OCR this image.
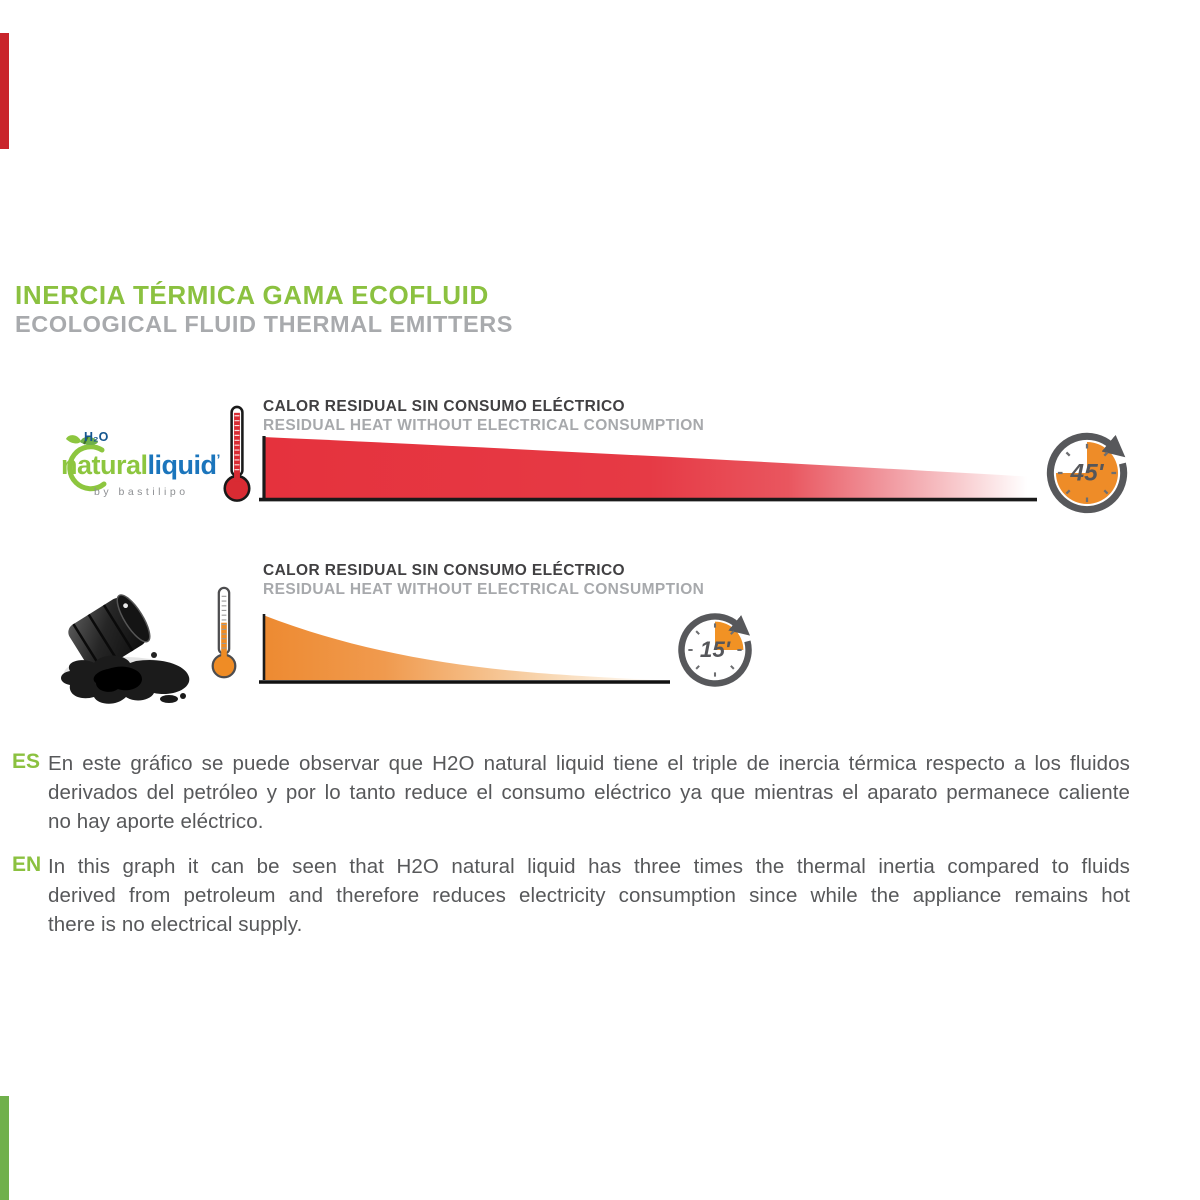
INERCIA TÉRMICA GAMA ECOFLUID
ECOLOGICAL FLUID THERMAL EMITTERS
H₂O
naturalliquid’
by bastilipo
CALOR RESIDUAL SIN CONSUMO ELÉCTRICO
RESIDUAL HEAT WITHOUT ELECTRICAL CONSUMPTION
45'
CALOR RESIDUAL SIN CONSUMO ELÉCTRICO
RESIDUAL HEAT WITHOUT ELECTRICAL CONSUMPTION
15'
ES En este gráfico se puede observar que H2O natural liquid tiene el triple de inercia térmica respecto a los fluidos
derivados del petróleo y por lo tanto reduce el consumo eléctrico ya que mientras el aparato permanece caliente
no hay aporte eléctrico.
EN In this graph it can be seen that H2O natural liquid has three times the thermal inertia compared to fluids
derived from petroleum and therefore reduces electricity consumption since while the appliance remains hot
there is no electrical supply.
